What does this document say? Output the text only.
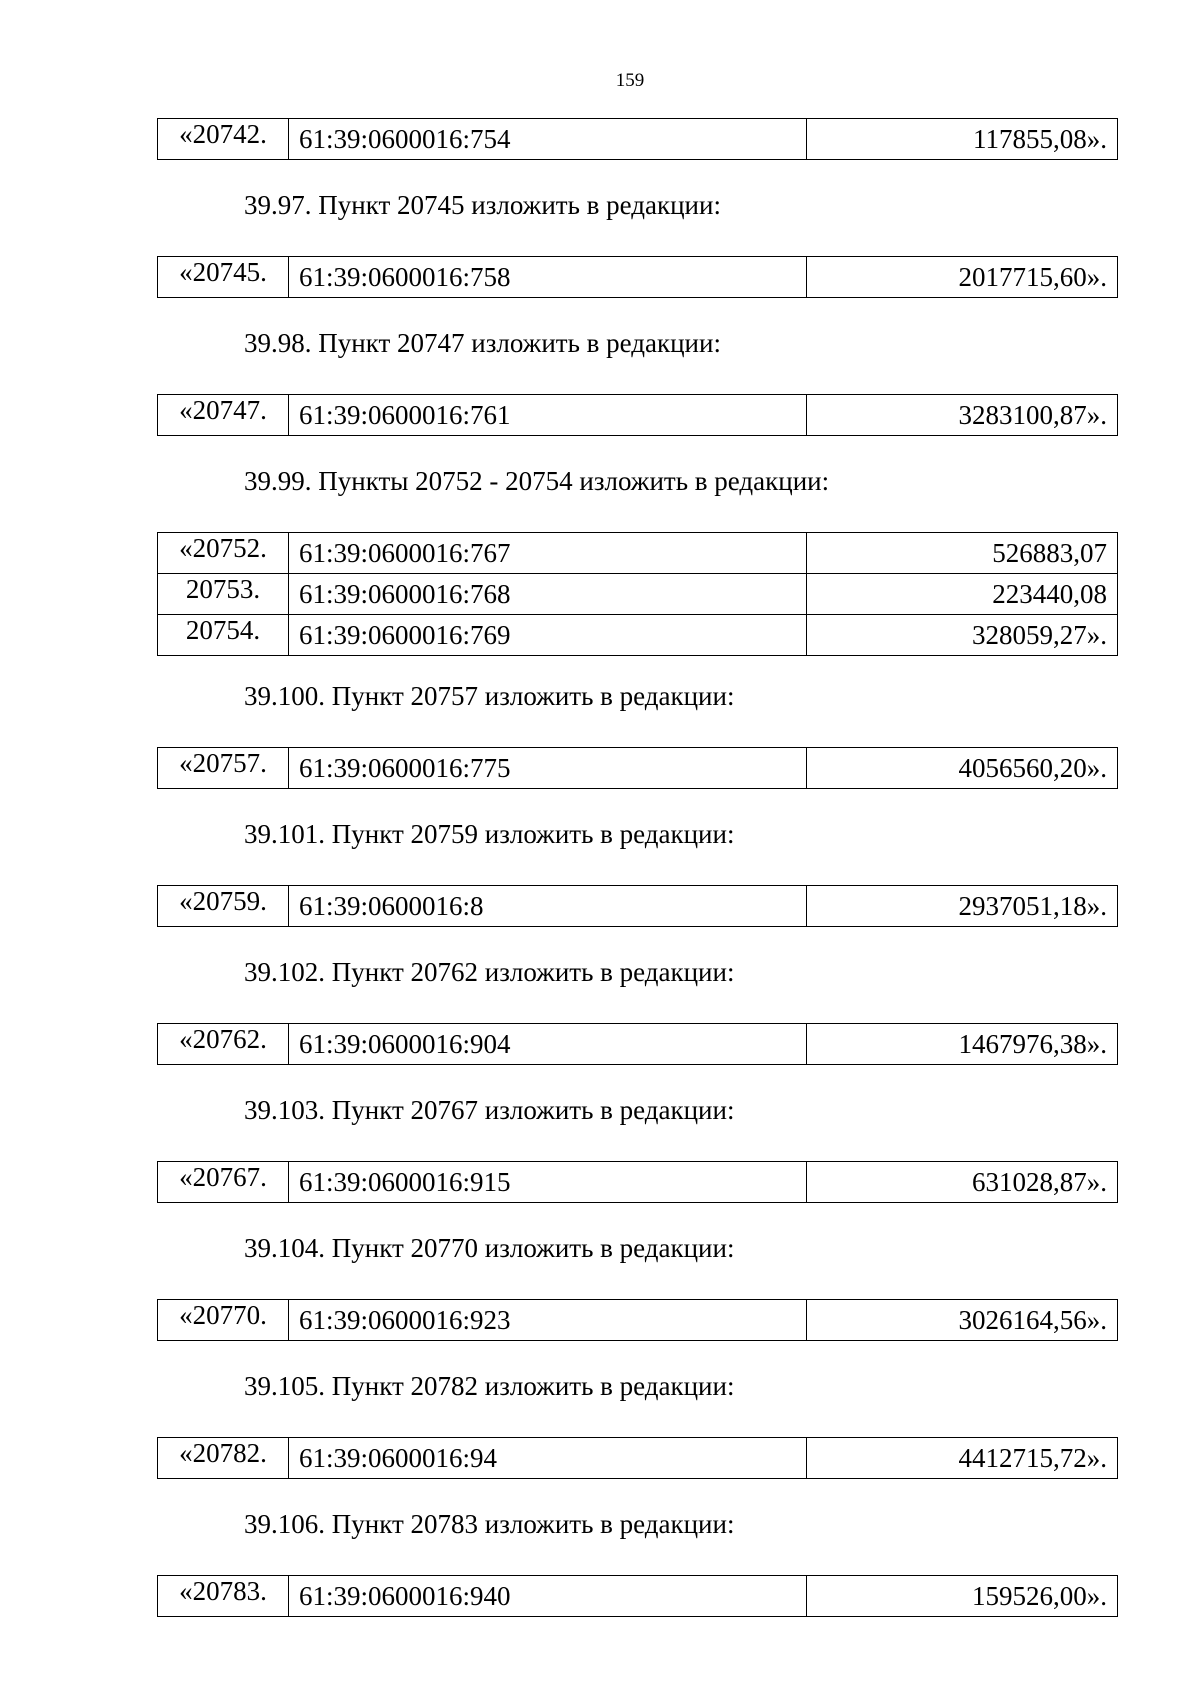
159
«20742.	61:39:0600016:754	117855,08».
39.97. Пункт 20745 изложить в редакции:
«20745.	61:39:0600016:758	2017715,60».
39.98. Пункт 20747 изложить в редакции:
«20747.	61:39:0600016:761	3283100,87».
39.99. Пункты 20752 - 20754 изложить в редакции:
«20752.	61:39:0600016:767	526883,07
20753.	61:39:0600016:768	223440,08
20754.	61:39:0600016:769	328059,27».
39.100. Пункт 20757 изложить в редакции:
«20757.	61:39:0600016:775	4056560,20».
39.101. Пункт 20759 изложить в редакции:
«20759.	61:39:0600016:8	2937051,18».
39.102. Пункт 20762 изложить в редакции:
«20762.	61:39:0600016:904	1467976,38».
39.103. Пункт 20767 изложить в редакции:
«20767.	61:39:0600016:915	631028,87».
39.104. Пункт 20770 изложить в редакции:
«20770.	61:39:0600016:923	3026164,56».
39.105. Пункт 20782 изложить в редакции:
«20782.	61:39:0600016:94	4412715,72».
39.106. Пункт 20783 изложить в редакции:
«20783.	61:39:0600016:940	159526,00».
